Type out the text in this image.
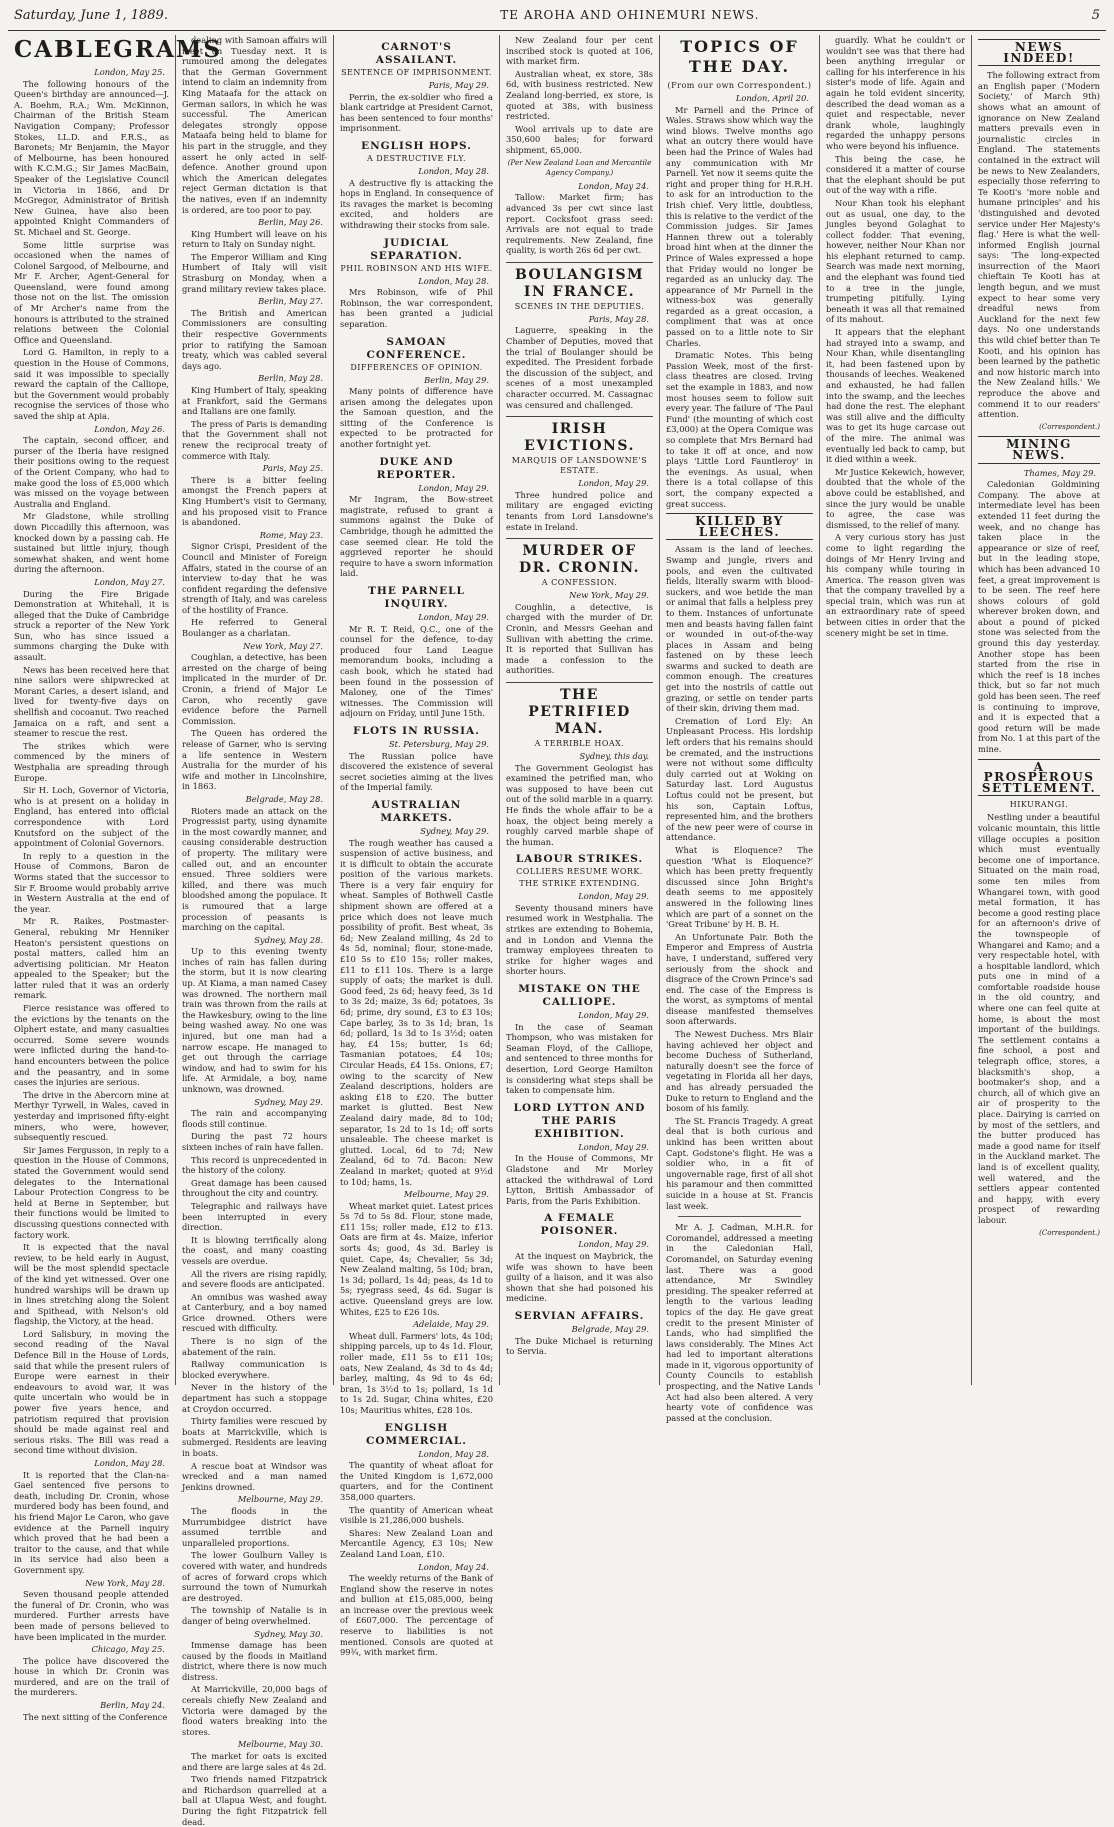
Saturday, June 1, 1889.	TE AROHA AND OHINEMURI NEWS.	5
CABLEGRAMS
London, May 25.

The following honours of the Queen's birthday are announced—J. A. Boehm, R.A.; Wm. McKinnon, Chairman of the British Steam Navigation Company; Professor Stokes, LL.D. and F.R.S., as Baronets; Mr Benjamin, the Mayor of Melbourne, has been honoured with K.C.M.G.; Sir James MacBain, Speaker of the Legislative Council in Victoria in 1866, and Dr McGregor, Administrator of British New Guinea, have also been appointed Knight Commanders of St. Michael and St. George.

Some little surprise was occasioned when the names of Colonel Sargood, of Melbourne, and Mr F. Archer, Agent-General for Queensland, were found among those not on the list. The omission of Mr Archer's name from the honours is attributed to the strained relations between the Colonial Office and Queensland.

Lord G. Hamilton, in reply to a question in the House of Commons, said it was impossible to specially reward the captain of the Calliope, but the Government would probably recognise the services of those who saved the ship at Apia.

London, May 26.

The captain, second officer, and purser of the Iberia have resigned their positions owing to the request of the Orient Company, who had to make good the loss of £5,000 which was missed on the voyage between Australia and England.

Mr Gladstone, while strolling down Piccadilly this afternoon, was knocked down by a passing cab. He sustained but little injury, though somewhat shaken, and went home during the afternoon.

London, May 27.

During the Fire Brigade Demonstration at Whitehall, it is alleged that the Duke of Cambridge struck a reporter of the New York Sun, who has since issued a summons charging the Duke with assault.

News has been received here that nine sailors were shipwrecked at Morant Caries, a desert island, and lived for twenty-five days on shellfish and cocoanut. Two reached Jamaica on a raft, and sent a steamer to rescue the rest.

The strikes which were commenced by the miners of Westphalia are spreading through Europe.

Sir H. Loch, Governor of Victoria, who is at present on a holiday in England, has entered into official correspondence with Lord Knutsford on the subject of the appointment of Colonial Governors.

In reply to a question in the House of Commons, Baron de Worms stated that the successor to Sir F. Broome would probably arrive in Western Australia at the end of the year.

Mr R. Raikes, Postmaster-General, rebuking Mr Henniker Heaton's persistent questions on postal matters, called him an advertising politician. Mr Heaton appealed to the Speaker; but the latter ruled that it was an orderly remark.

Fierce resistance was offered to the evictions by the tenants on the Olphert estate, and many casualties occurred. Some severe wounds were inflicted during the hand-to-hand encounters between the police and the peasantry, and in some cases the injuries are serious.

The drive in the Abercorn mine at Merthyr Tyrwell, in Wales, caved in yesterday and imprisoned fifty-eight miners, who were, however, subsequently rescued.

Sir James Fergusson, in reply to a question in the House of Commons, stated the Government would send delegates to the International Labour Protection Congress to be held at Berne in September, but their functions would be limited to discussing questions connected with factory work.

It is expected that the naval review, to be held early in August, will be the most splendid spectacle of the kind yet witnessed. Over one hundred warships will be drawn up in lines stretching along the Solent and Spithead, with Nelson's old flagship, the Victory, at the head.

Lord Salisbury, in moving the second reading of the Naval Defence Bill in the House of Lords, said that while the present rulers of Europe were earnest in their endeavours to avoid war, it was quite uncertain who would be in power five years hence, and patriotism required that provision should be made against real and serious risks. The Bill was read a second time without division.

London, May 28.

It is reported that the Clan-na-Gael sentenced five persons to death, including Dr. Cronin, whose murdered body has been found, and his friend Major Le Caron, who gave evidence at the Parnell inquiry which proved that he had been a traitor to the cause, and that while in its service had also been a Government spy.

New York, May 28.

Seven thousand people attended the funeral of Dr. Cronin, who was murdered. Further arrests have been made of persons believed to have been implicated in the murder.

Chicago, May 25.

The police have discovered the house in which Dr. Cronin was murdered, and are on the trail of the murderers.

Berlin, May 24.

The next sitting of the Conference

dealing with Samoan affairs will meet on Tuesday next. It is rumoured among the delegates that the German Government intend to claim an indemnity from King Mataafa for the attack on German sailors, in which he was successful. The American delegates strongly oppose Mataafa being held to blame for his part in the struggle, and they assert he only acted in self-defence. Another ground upon which the American delegates reject German dictation is that the natives, even if an indemnity is ordered, are too poor to pay.

Berlin, May 26.

King Humbert will leave on his return to Italy on Sunday night.

The Emperor William and King Humbert of Italy will visit Strasburg on Monday, when a grand military review takes place.

Berlin, May 27.

The British and American Commissioners are consulting their respective Governments prior to ratifying the Samoan treaty, which was cabled several days ago.

Berlin, May 28.

King Humbert of Italy, speaking at Frankfort, said the Germans and Italians are one family.

The press of Paris is demanding that the Government shall not renew the reciprocal treaty of commerce with Italy.

Paris, May 25.

There is a bitter feeling amongst the French papers at King Humbert's visit to Germany, and his proposed visit to France is abandoned.

Rome, May 23.

Signor Crispi, President of the Council and Minister of Foreign Affairs, stated in the course of an interview to-day that he was confident regarding the defensive strength of Italy, and was careless of the hostility of France.

He referred to General Boulanger as a charlatan.

New York, May 27.

Coughlan, a detective, has been arrested on the charge of being implicated in the murder of Dr. Cronin, a friend of Major Le Caron, who recently gave evidence before the Parnell Commission.

The Queen has ordered the release of Garner, who is serving a life sentence in Western Australia for the murder of his wife and mother in Lincolnshire, in 1863.

Belgrade, May 28.

Rioters made an attack on the Progressist party, using dynamite in the most cowardly manner, and causing considerable destruction of property. The military were called out, and an encounter ensued. Three soldiers were killed, and there was much bloodshed among the populace. It is rumoured that a large procession of peasants is marching on the capital.

Sydney, May 28.

Up to this evening twenty inches of rain has fallen during the storm, but it is now clearing up. At Kiama, a man named Casey was drowned. The northern mail train was thrown from the rails at the Hawkesbury, owing to the line being washed away. No one was injured, but one man had a narrow escape. He managed to get out through the carriage window, and had to swim for his life. At Armidale, a boy, name unknown, was drowned.

Sydney, May 29.

The rain and accompanying floods still continue.

During the past 72 hours sixteen inches of rain have fallen.

This record is unprecedented in the history of the colony.

Great damage has been caused throughout the city and country.

Telegraphic and railways have been interrupted in every direction.

It is blowing terrifically along the coast, and many coasting vessels are overdue.

All the rivers are rising rapidly, and severe floods are anticipated.

An omnibus was washed away at Canterbury, and a boy named Grice drowned. Others were rescued with difficulty.

There is no sign of the abatement of the rain.

Railway communication is blocked everywhere.

Never in the history of the department has such a stoppage at Croydon occurred.

Thirty families were rescued by boats at Marrickville, which is submerged. Residents are leaving in boats.

A rescue boat at Windsor was wrecked and a man named Jenkins drowned.

Melbourne, May 29.

The floods in the Murrumbidgee district have assumed terrible and unparalleled proportions.

The lower Goulburn Valley is covered with water, and hundreds of acres of forward crops which surround the town of Numurkah are destroyed.

The township of Natalie is in danger of being overwhelmed.

Sydney, May 30.

Immense damage has been caused by the floods in Maitland district, where there is now much distress.

At Marrickville, 20,000 bags of cereals chiefly New Zealand and Victoria were damaged by the flood waters breaking into the stores.

Melbourne, May 30.

The market for oats is excited and there are large sales at 4s 2d.

Two friends named Fitzpatrick and Richardson quarrelled at a ball at Ulapua West, and fought. During the fight Fitzpatrick fell dead.

CARNOT'S ASSAILANT.
SENTENCE OF IMPRISONMENT.
Paris, May 29.

Perrin, the ex-soldier who fired a blank cartridge at President Carnot, has been sentenced to four months' imprisonment.

ENGLISH HOPS.
A DESTRUCTIVE FLY.
London, May 28.

A destructive fly is attacking the hops in England. In consequence of its ravages the market is becoming excited, and holders are withdrawing their stocks from sale.

JUDICIAL SEPARATION.
PHIL ROBINSON AND HIS WIFE.
London, May 28.

Mrs Robinson, wife of Phil Robinson, the war correspondent, has been granted a judicial separation.

SAMOAN CONFERENCE.
DIFFERENCES OF OPINION.
Berlin, May 29.

Many points of difference have arisen among the delegates upon the Samoan question, and the sitting of the Conference is expected to be protracted for another fortnight yet.

DUKE AND REPORTER.
London, May 29.

Mr Ingram, the Bow-street magistrate, refused to grant a summons against the Duke of Cambridge, though he admitted the case seemed clear. He told the aggrieved reporter he should require to have a sworn information laid.

THE PARNELL INQUIRY.
London, May 29.

Mr R. T. Reid, Q.C., one of the counsel for the defence, to-day produced four Land League memorandum books, including a cash book, which he stated had been found in the possession of Maloney, one of the Times' witnesses. The Commission will adjourn on Friday, until June 15th.

FLOTS IN RUSSIA.
St. Petersburg, May 29.

The Russian police have discovered the existence of several secret societies aiming at the lives of the Imperial family.

AUSTRALIAN MARKETS.
Sydney, May 29.

The rough weather has caused a suspension of active business, and it is difficult to obtain the accurate position of the various markets. There is a very fair enquiry for wheat. Samples of Bothwell Castle shipment shown are offered at a price which does not leave much possibility of profit. Best wheat, 3s 6d; New Zealand milling, 4s 2d to 4s 5d, nominal; flour, stone-made, £10 5s to £10 15s; roller makes, £11 to £11 10s. There is a large supply of oats; the market is dull. Good feed, 2s 6d; heavy feed, 3s 1d to 3s 2d; maize, 3s 6d; potatoes, 3s 6d; prime, dry sound, £3 to £3 10s; Cape barley, 3s to 3s 1d; bran, 1s 6d; pollard, 1s 3d to 1s 3½d; oaten hay, £4 15s; butter, 1s 6d; Tasmanian potatoes, £4 10s; Circular Heads, £4 15s. Onions, £7; owing to the scarcity of New Zealand descriptions, holders are asking £18 to £20. The butter market is glutted. Best New Zealand dairy made, 8d to 10d; separator, 1s 2d to 1s 1d; off sorts unsaleable. The cheese market is glutted. Local, 6d to 7d; New Zealand, 6d to 7d. Bacon: New Zealand in market; quoted at 9½d to 10d; hams, 1s.

Melbourne, May 29.

Wheat market quiet. Latest prices 5s 7d to 5s 8d. Flour, stone made, £11 15s; roller made, £12 to £13. Oats are firm at 4s. Maize, inferior sorts 4s; good, 4s 3d. Barley is quiet. Cape, 4s; Chevalier, 5s 3d; New Zealand malting, 5s 10d; bran, 1s 3d; pollard, 1s 4d; peas, 4s 1d to 5s; ryegrass seed, 4s 6d. Sugar is active. Queensland greys are low. Whites, £25 to £26 10s.

Adelaide, May 29.

Wheat dull. Farmers' lots, 4s 10d; shipping parcels, up to 4s 1d. Flour, roller made, £11 5s to £11 10s; oats, New Zealand, 4s 3d to 4s 4d; barley, malting, 4s 9d to 4s 6d; bran, 1s 3½d to 1s; pollard, 1s 1d to 1s 2d. Sugar, China whites, £20 10s; Mauritius whites, £28 10s.

ENGLISH COMMERCIAL.
London, May 28.

The quantity of wheat afloat for the United Kingdom is 1,672,000 quarters, and for the Continent 358,000 quarters.

The quantity of American wheat visible is 21,286,000 bushels.

Shares: New Zealand Loan and Mercantile Agency, £3 10s; New Zealand Land Loan, £10.

London, May 24.

The weekly returns of the Bank of England show the reserve in notes and bullion at £15,085,000, being an increase over the previous week of £607,000. The percentage of reserve to liabilities is not mentioned. Consols are quoted at 99¾, with market firm.

New Zealand four per cent inscribed stock is quoted at 106, with market firm.

Australian wheat, ex store, 38s 6d, with business restricted. New Zealand long-berried, ex store, is quoted at 38s, with business restricted.

Wool arrivals up to date are 350,600 bales; for forward shipment, 65,000.

(Per New Zealand Loan and Mercantile Agency Company.)
London, May 24.

Tallow: Market firm; has advanced 3s per cwt since last report. Cocksfoot grass seed: Arrivals are not equal to trade requirements. New Zealand, fine quality, is worth 26s 6d per cwt.

BOULANGISM IN FRANCE.
SCENES IN THE DEPUTIES.
Paris, May 28.

Laguerre, speaking in the Chamber of Deputies, moved that the trial of Boulanger should be expedited. The President forbade the discussion of the subject, and scenes of a most unexampled character occurred. M. Cassagnac was censured and challenged.

IRISH EVICTIONS.
MARQUIS OF LANSDOWNE'S ESTATE.
London, May 29.

Three hundred police and military are engaged evicting tenants from Lord Lansdowne's estate in Ireland.

MURDER OF DR. CRONIN.
A CONFESSION.
New York, May 29.

Coughlin, a detective, is charged with the murder of Dr. Cronin, and Messrs Geehan and Sullivan with abetting the crime. It is reported that Sullivan has made a confession to the authorities.

THE PETRIFIED MAN.
A TERRIBLE HOAX.
Sydney, this day.

The Government Geologist has examined the petrified man, who was supposed to have been cut out of the solid marble in a quarry. He finds the whole affair to be a hoax, the object being merely a roughly carved marble shape of the human.

LABOUR STRIKES.
COLLIERS RESUME WORK.
THE STRIKE EXTENDING.
London, May 29.

Seventy thousand miners have resumed work in Westphalia. The strikes are extending to Bohemia, and in London and Vienna the tramway employees threaten to strike for higher wages and shorter hours.

MISTAKE ON THE CALLIOPE.
London, May 29.

In the case of Seaman Thompson, who was mistaken for Seaman Floyd, of the Calliope, and sentenced to three months for desertion, Lord George Hamilton is considering what steps shall be taken to compensate him.

LORD LYTTON AND THE PARIS EXHIBITION.
London, May 29.

In the House of Commons, Mr Gladstone and Mr Morley attacked the withdrawal of Lord Lytton, British Ambassador of Paris, from the Paris Exhibition.

A FEMALE POISONER.
London, May 29.

At the inquest on Maybrick, the wife was shown to have been guilty of a liaison, and it was also shown that she had poisoned his medicine.

SERVIAN AFFAIRS.
Belgrade, May 29.

The Duke Michael is returning to Servia.

TOPICS OF THE DAY.
(From our own Correspondent.)
London, April 20.

Mr Parnell and the Prince of Wales. Straws show which way the wind blows. Twelve months ago what an outcry there would have been had the Prince of Wales had any communication with Mr Parnell. Yet now it seems quite the right and proper thing for H.R.H. to ask for an introduction to the Irish chief. Very little, doubtless, this is relative to the verdict of the Commission judges. Sir James Hannen threw out a tolerably broad hint when at the dinner the Prince of Wales expressed a hope that Friday would no longer be regarded as an unlucky day. The appearance of Mr Parnell in the witness-box was generally regarded as a great occasion, a compliment that was at once passed on to a little note to Sir Charles.

Dramatic Notes. This being Passion Week, most of the first-class theatres are closed. Irving set the example in 1883, and now most houses seem to follow suit every year. The failure of 'The Paul Fund' (the mounting of which cost £3,000) at the Opera Comique was so complete that Mrs Bernard had to take it off at once, and now plays 'Little Lord Fauntleroy' in the evenings. As usual, when there is a total collapse of this sort, the company expected a great success.

KILLED BY LEECHES.

Assam is the land of leeches. Swamp and jungle, rivers and pools, and even the cultivated fields, literally swarm with blood-suckers, and woe betide the man or animal that falls a helpless prey to them. Instances of unfortunate men and beasts having fallen faint or wounded in out-of-the-way places in Assam and being fastened on by these leech swarms and sucked to death are common enough. The creatures get into the nostrils of cattle out grazing, or settle on tender parts of their skin, driving them mad.

Cremation of Lord Ely: An Unpleasant Process. His lordship left orders that his remains should be cremated, and the instructions were not without some difficulty duly carried out at Woking on Saturday last. Lord Augustus Loftus could not be present, but his son, Captain Loftus, represented him, and the brothers of the new peer were of course in attendance.

What is Eloquence? The question 'What is Eloquence?' which has been pretty frequently discussed since John Bright's death seems to me appositely answered in the following lines which are part of a sonnet on the 'Great Tribune' by H. B. H.

An Unfortunate Pair. Both the Emperor and Empress of Austria have, I understand, suffered very seriously from the shock and disgrace of the Crown Prince's sad end. The case of the Empress is the worst, as symptoms of mental disease manifested themselves soon afterwards.

The Newest Duchess. Mrs Blair having achieved her object and become Duchess of Sutherland, naturally doesn't see the force of vegetating in Florida all her days, and has already persuaded the Duke to return to England and the bosom of his family.

The St. Francis Tragedy. A great deal that is both curious and unkind has been written about Capt. Godstone's flight. He was a soldier who, in a fit of ungovernable rage, first of all shot his paramour and then committed suicide in a house at St. Francis last week.

Mr A. J. Cadman, M.H.R. for Coromandel, addressed a meeting in the Caledonian Hall, Coromandel, on Saturday evening last. There was a good attendance, Mr Swindley presiding. The speaker referred at length to the various leading topics of the day. He gave great credit to the present Minister of Lands, who had simplified the laws considerably. The Mines Act had led to important alterations made in it, vigorous opportunity of County Councils to establish prospecting, and the Native Lands Act had also been altered. A very hearty vote of confidence was passed at the conclusion.

guardly. What he couldn't or wouldn't see was that there had been anything irregular or calling for his interference in his sister's mode of life. Again and again he told evident sincerity, described the dead woman as a quiet and respectable, never drank whole, laughingly regarded the unhappy persons who were beyond his influence.

This being the case, he considered it a matter of course that the elephant should be put out of the way with a rifle.

Nour Khan took his elephant out as usual, one day, to the jungles beyond Golaghat to collect fodder. That evening, however, neither Nour Khan nor his elephant returned to camp. Search was made next morning, and the elephant was found tied to a tree in the jungle, trumpeting pitifully. Lying beneath it was all that remained of its mahout.

It appears that the elephant had strayed into a swamp, and Nour Khan, while disentangling it, had been fastened upon by thousands of leeches. Weakened and exhausted, he had fallen into the swamp, and the leeches had done the rest. The elephant was still alive and the difficulty was to get its huge carcase out of the mire. The animal was eventually led back to camp, but it died within a week.

Mr Justice Kekewich, however, doubted that the whole of the above could be established, and since the jury would be unable to agree, the case was dismissed, to the relief of many.

A very curious story has just come to light regarding the doings of Mr Henry Irving and his company while touring in America. The reason given was that the company travelled by a special train, which was run at an extraordinary rate of speed between cities in order that the scenery might be set in time.

NEWS INDEED!

The following extract from an English paper ('Modern Society,' of March 9th) shows what an amount of ignorance on New Zealand matters prevails even in journalistic circles in England. The statements contained in the extract will be news to New Zealanders, especially those referring to Te Kooti's 'more noble and humane principles' and his 'distinguished and devoted service under Her Majesty's flag.' Here is what the well-informed English journal says: 'The long-expected insurrection of the Maori chieftain Te Kooti has at length begun, and we must expect to hear some very dreadful news from Auckland for the next few days. No one understands this wild chief better than Te Kooti, and his opinion has been learned by the pathetic and now historic march into the New Zealand hills.' We reproduce the above and commend it to our readers' attention.

(Correspondent.)
MINING NEWS.
Thames, May 29.

Caledonian Goldmining Company. The above at intermediate level has been extended 11 feet during the week, and no change has taken place in the appearance or size of reef, but in the leading stope, which has been advanced 10 feet, a great improvement is to be seen. The reef here shows colours of gold wherever broken down, and about a pound of picked stone was selected from the ground this day yesterday. Another stope has been started from the rise in which the reef is 18 inches thick, but so far not much gold has been seen. The reef is continuing to improve, and it is expected that a good return will be made from No. 1 at this part of the mine.

A PROSPEROUS SETTLEMENT.
HIKURANGI.

Nestling under a beautiful volcanic mountain, this little village occupies a position which must eventually become one of importance. Situated on the main road, some ten miles from Whangarei town, with good metal formation, it has become a good resting place for an afternoon's drive of the townspeople of Whangarei and Kamo; and a very respectable hotel, with a hospitable landlord, which puts one in mind of a comfortable roadside house in the old country, and where one can feel quite at home, is about the most important of the buildings. The settlement contains a fine school, a post and telegraph office, stores, a blacksmith's shop, a bootmaker's shop, and a church, all of which give an air of prosperity to the place. Dairying is carried on by most of the settlers, and the butter produced has made a good name for itself in the Auckland market. The land is of excellent quality, well watered, and the settlers appear contented and happy, with every prospect of rewarding labour.

(Correspondent.)
